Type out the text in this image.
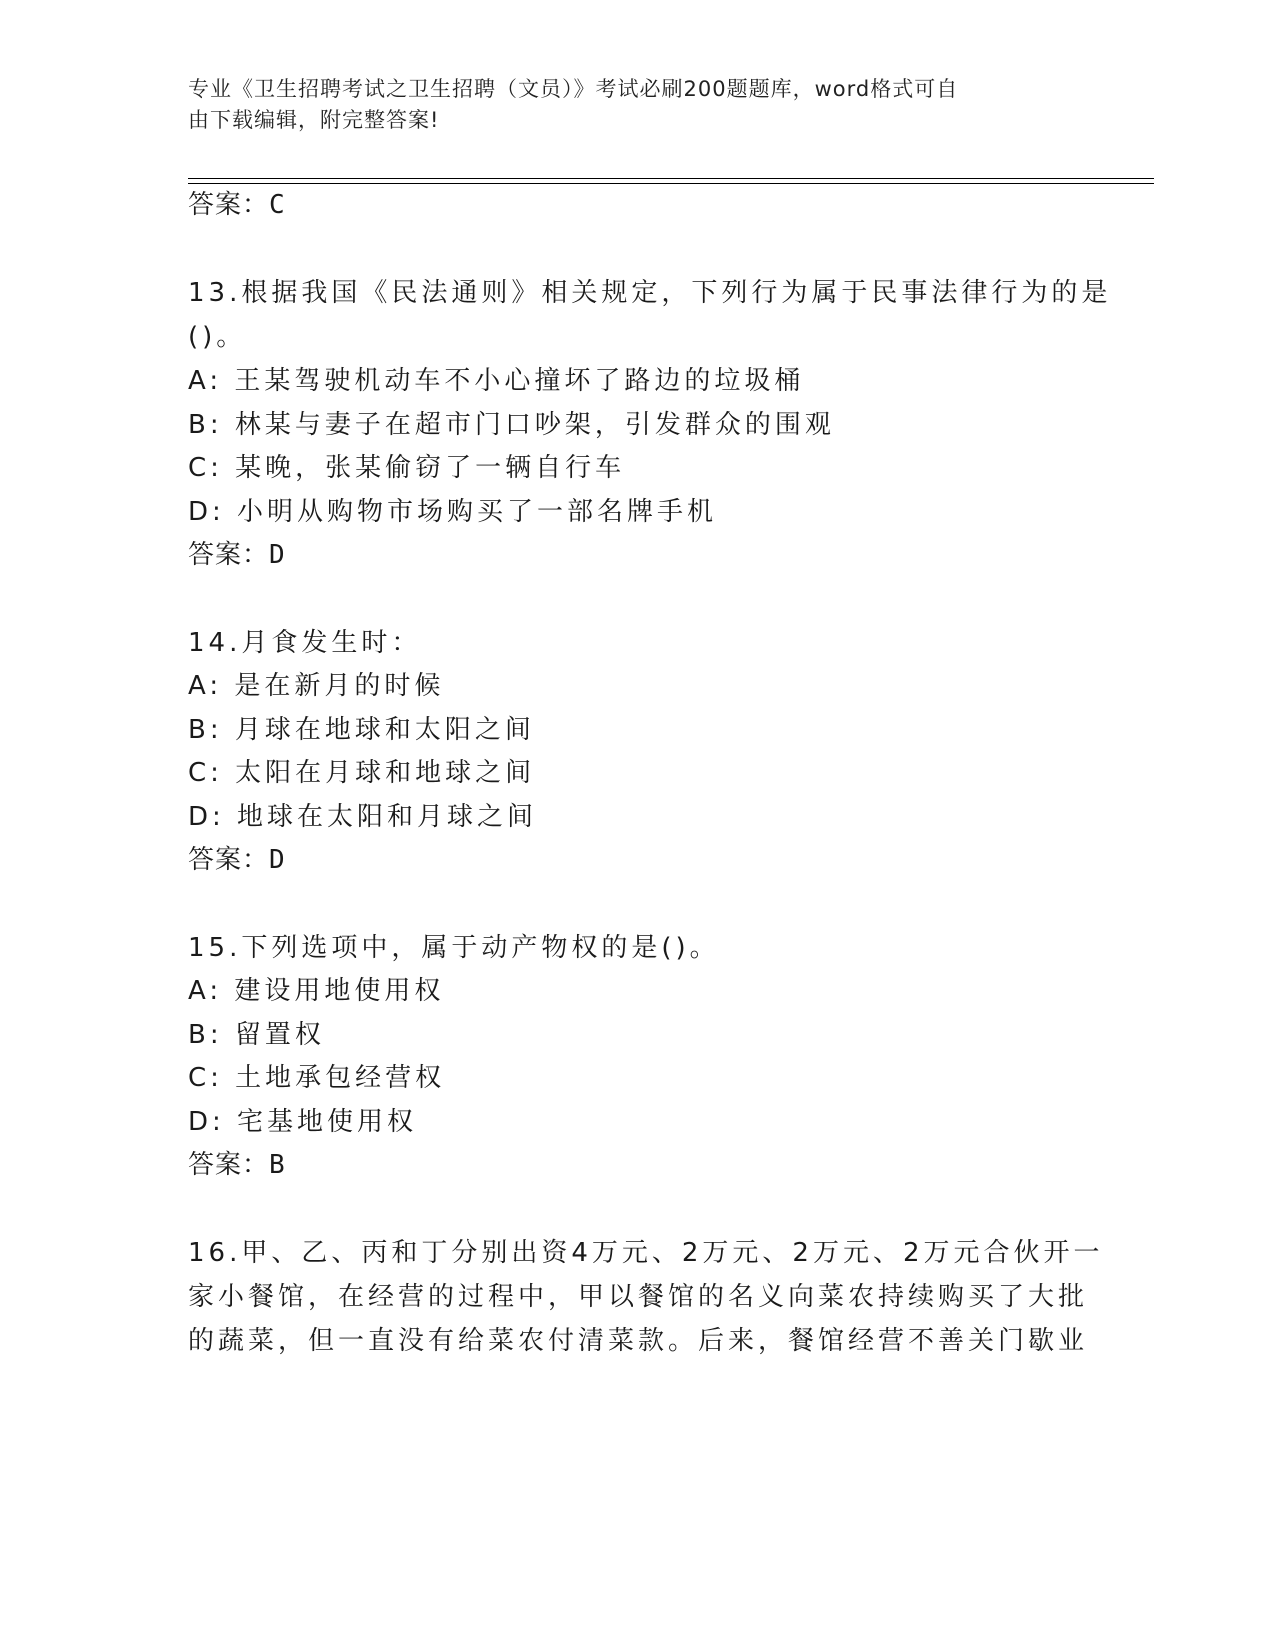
专业《卫生招聘考试之卫生招聘（文员）》考试必刷200题题库，word格式可自
由下载编辑，附完整答案!
答案：C
13.根据我国《民法通则》相关规定，下列行为属于民事法律行为的是
()。
A: 王某驾驶机动车不小心撞坏了路边的垃圾桶
B: 林某与妻子在超市门口吵架，引发群众的围观
C: 某晚，张某偷窃了一辆自行车
D: 小明从购物市场购买了一部名牌手机
答案：D
14.月食发生时：
A: 是在新月的时候
B: 月球在地球和太阳之间
C: 太阳在月球和地球之间
D: 地球在太阳和月球之间
答案：D
15.下列选项中，属于动产物权的是()。
A: 建设用地使用权
B: 留置权
C: 土地承包经营权
D: 宅基地使用权
答案：B
16.甲、乙、丙和丁分别出资4万元、2万元、2万元、2万元合伙开一
家小餐馆，在经营的过程中，甲以餐馆的名义向菜农持续购买了大批
的蔬菜，但一直没有给菜农付清菜款。后来，餐馆经营不善关门歇业
